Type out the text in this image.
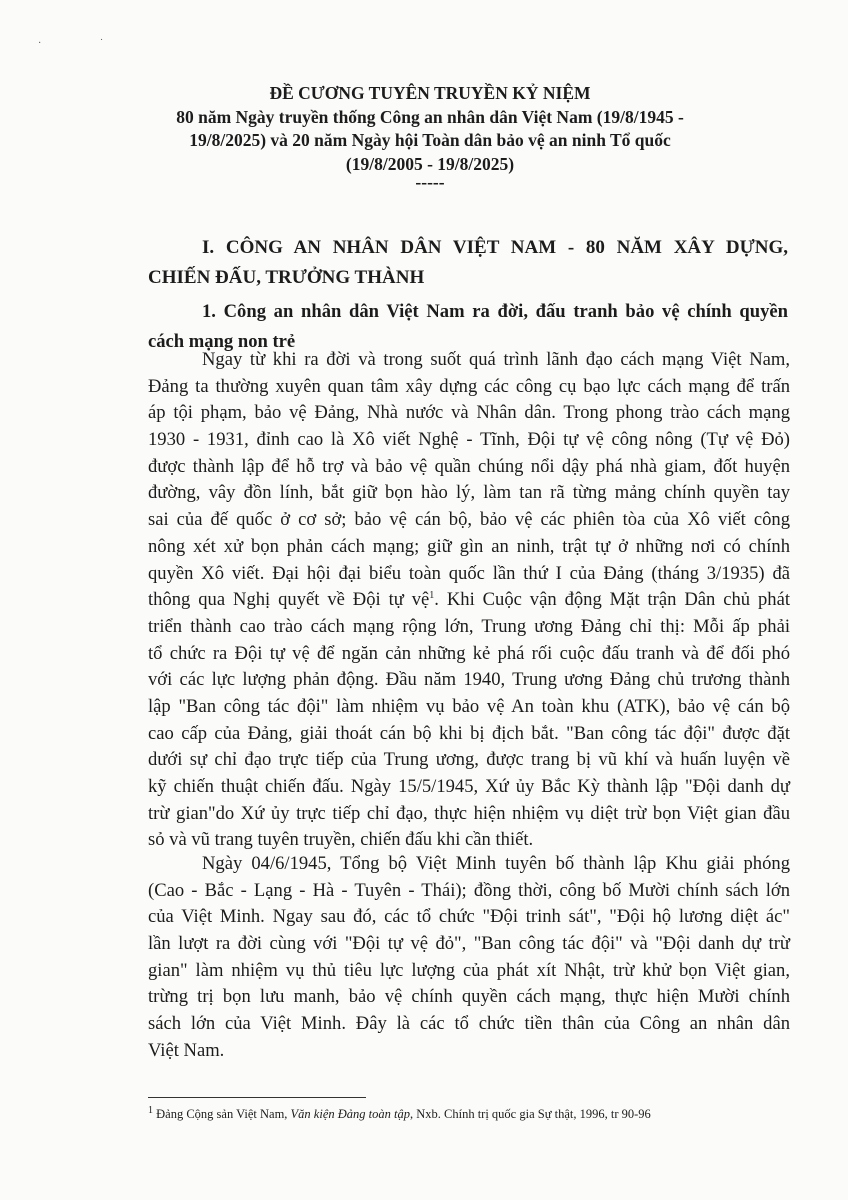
· ˙
ĐỀ CƯƠNG TUYÊN TRUYỀN KỶ NIỆM
80 năm Ngày truyền thống Công an nhân dân Việt Nam (19/8/1945 -
19/8/2025) và 20 năm Ngày hội Toàn dân bảo vệ an ninh Tổ quốc
(19/8/2005 - 19/8/2025)
-----
I. CÔNG AN NHÂN DÂN VIỆT NAM - 80 NĂM XÂY DỰNG,
CHIẾN ĐẤU, TRƯỞNG THÀNH
1. Công an nhân dân Việt Nam ra đời, đấu tranh bảo vệ chính quyền
cách mạng non trẻ
Ngay từ khi ra đời và trong suốt quá trình lãnh đạo cách mạng Việt Nam,
Đảng ta thường xuyên quan tâm xây dựng các công cụ bạo lực cách mạng để trấn
áp tội phạm, bảo vệ Đảng, Nhà nước và Nhân dân. Trong phong trào cách mạng
1930 - 1931, đỉnh cao là Xô viết Nghệ - Tĩnh, Đội tự vệ công nông (Tự vệ Đỏ)
được thành lập để hỗ trợ và bảo vệ quần chúng nổi dậy phá nhà giam, đốt huyện
đường, vây đồn lính, bắt giữ bọn hào lý, làm tan rã từng mảng chính quyền tay
sai của đế quốc ở cơ sở; bảo vệ cán bộ, bảo vệ các phiên tòa của Xô viết công
nông xét xử bọn phản cách mạng; giữ gìn an ninh, trật tự ở những nơi có chính
quyền Xô viết. Đại hội đại biểu toàn quốc lần thứ I của Đảng (tháng 3/1935) đã
thông qua Nghị quyết về Đội tự vệ$^1$. Khi Cuộc vận động Mặt trận Dân chủ phát
triển thành cao trào cách mạng rộng lớn, Trung ương Đảng chỉ thị: Mỗi ấp phải
tổ chức ra Đội tự vệ để ngăn cản những kẻ phá rối cuộc đấu tranh và để đối phó
với các lực lượng phản động. Đầu năm 1940, Trung ương Đảng chủ trương thành
lập "Ban công tác đội" làm nhiệm vụ bảo vệ An toàn khu (ATK), bảo vệ cán bộ
cao cấp của Đảng, giải thoát cán bộ khi bị địch bắt. "Ban công tác đội" được đặt
dưới sự chỉ đạo trực tiếp của Trung ương, được trang bị vũ khí và huấn luyện về
kỹ chiến thuật chiến đấu. Ngày 15/5/1945, Xứ ủy Bắc Kỳ thành lập "Đội danh dự
trừ gian"do Xứ ủy trực tiếp chỉ đạo, thực hiện nhiệm vụ diệt trừ bọn Việt gian đầu
sỏ và vũ trang tuyên truyền, chiến đấu khi cần thiết.
Ngày 04/6/1945, Tổng bộ Việt Minh tuyên bố thành lập Khu giải phóng
(Cao - Bắc - Lạng - Hà - Tuyên - Thái); đồng thời, công bố Mười chính sách lớn
của Việt Minh. Ngay sau đó, các tổ chức "Đội trinh sát", "Đội hộ lương diệt ác"
lần lượt ra đời cùng với "Đội tự vệ đỏ", "Ban công tác đội" và "Đội danh dự trừ
gian" làm nhiệm vụ thủ tiêu lực lượng của phát xít Nhật, trừ khử bọn Việt gian,
trừng trị bọn lưu manh, bảo vệ chính quyền cách mạng, thực hiện Mười chính
sách lớn của Việt Minh. Đây là các tổ chức tiền thân của Công an nhân dân
Việt Nam.
$^1$ Đảng Cộng sản Việt Nam, Văn kiện Đảng toàn tập, Nxb. Chính trị quốc gia Sự thật, 1996, tr 90-96
